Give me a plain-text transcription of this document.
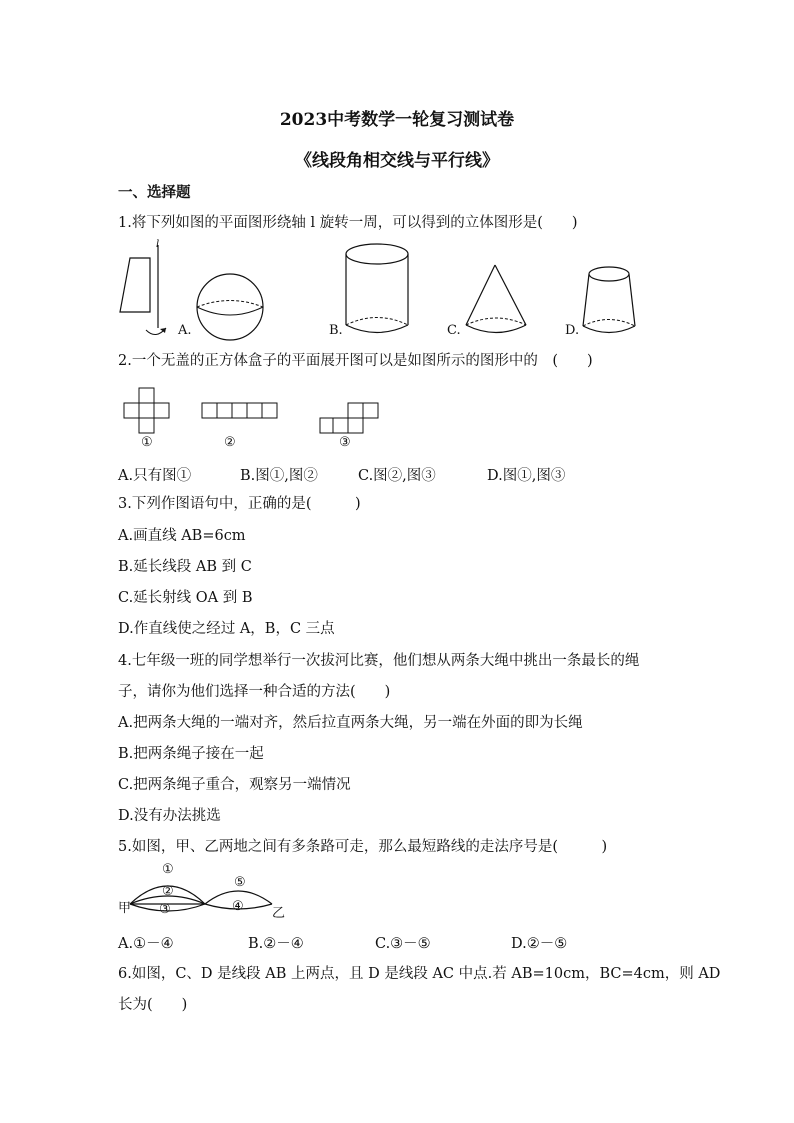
2023中考数学一轮复习测试卷
《线段角相交线与平行线》
一、选择题
1.将下列如图的平面图形绕轴 l 旋转一周，可以得到的立体图形是(　　)
l
A.	B.	C.	D.
2.一个无盖的正方体盒子的平面展开图可以是如图所示的图形中的　(　　)
①	②	③
A.只有图①	B.图①,图②	C.图②,图③	D.图①,图③
3.下列作图语句中，正确的是(　　　)
A.画直线 AB=6cm
B.延长线段 AB 到 C
C.延长射线 OA 到 B
D.作直线使之经过 A，B，C 三点
4.七年级一班的同学想举行一次拔河比赛，他们想从两条大绳中挑出一条最长的绳
子，请你为他们选择一种合适的方法(　　)
A.把两条大绳的一端对齐，然后拉直两条大绳，另一端在外面的即为长绳
B.把两条绳子接在一起
C.把两条绳子重合，观察另一端情况
D.没有办法挑选
5.如图，甲、乙两地之间有多条路可走，那么最短路线的走法序号是(　　　)
①
②
③	④
⑤
甲	乙
A.①－④	B.②－④	C.③－⑤	D.②－⑤
6.如图，C、D 是线段 AB 上两点，且 D 是线段 AC 中点.若 AB=10cm，BC=4cm，则 AD
长为(　　)
